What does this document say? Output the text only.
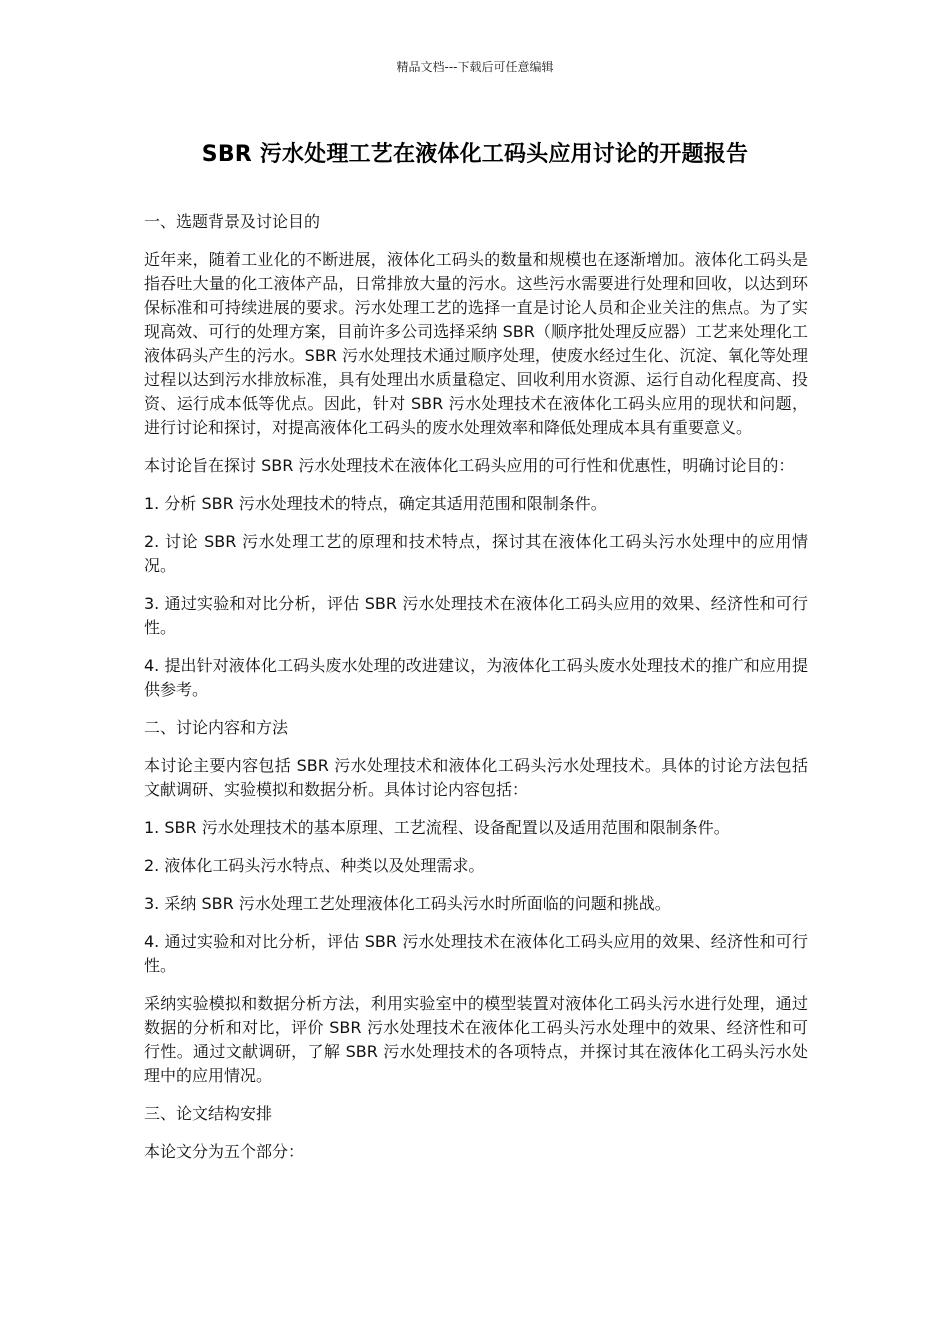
精品文档---下载后可任意编辑
SBR 污水处理工艺在液体化工码头应用讨论的开题报告

一、选题背景及讨论目的

近年来，随着工业化的不断进展，液体化工码头的数量和规模也在逐渐增加。液体化工码头是指吞吐大量的化工液体产品，日常排放大量的污水。这些污水需要进行处理和回收，以达到环保标准和可持续进展的要求。污水处理工艺的选择一直是讨论人员和企业关注的焦点。为了实现高效、可行的处理方案，目前许多公司选择采纳 SBR（顺序批处理反应器）工艺来处理化工液体码头产生的污水。SBR 污水处理技术通过顺序处理，使废水经过生化、沉淀、氧化等处理过程以达到污水排放标准，具有处理出水质量稳定、回收利用水资源、运行自动化程度高、投资、运行成本低等优点。因此，针对 SBR 污水处理技术在液体化工码头应用的现状和问题，进行讨论和探讨，对提高液体化工码头的废水处理效率和降低处理成本具有重要意义。

本讨论旨在探讨 SBR 污水处理技术在液体化工码头应用的可行性和优惠性，明确讨论目的：

1. 分析 SBR 污水处理技术的特点，确定其适用范围和限制条件。

2. 讨论 SBR 污水处理工艺的原理和技术特点，探讨其在液体化工码头污水处理中的应用情况。

3. 通过实验和对比分析，评估 SBR 污水处理技术在液体化工码头应用的效果、经济性和可行性。

4. 提出针对液体化工码头废水处理的改进建议，为液体化工码头废水处理技术的推广和应用提供参考。

二、讨论内容和方法

本讨论主要内容包括 SBR 污水处理技术和液体化工码头污水处理技术。具体的讨论方法包括文献调研、实验模拟和数据分析。具体讨论内容包括：

1. SBR 污水处理技术的基本原理、工艺流程、设备配置以及适用范围和限制条件。

2. 液体化工码头污水特点、种类以及处理需求。

3. 采纳 SBR 污水处理工艺处理液体化工码头污水时所面临的问题和挑战。

4. 通过实验和对比分析，评估 SBR 污水处理技术在液体化工码头应用的效果、经济性和可行性。

采纳实验模拟和数据分析方法，利用实验室中的模型装置对液体化工码头污水进行处理，通过数据的分析和对比，评价 SBR 污水处理技术在液体化工码头污水处理中的效果、经济性和可行性。通过文献调研，了解 SBR 污水处理技术的各项特点，并探讨其在液体化工码头污水处理中的应用情况。

三、论文结构安排

本论文分为五个部分：
